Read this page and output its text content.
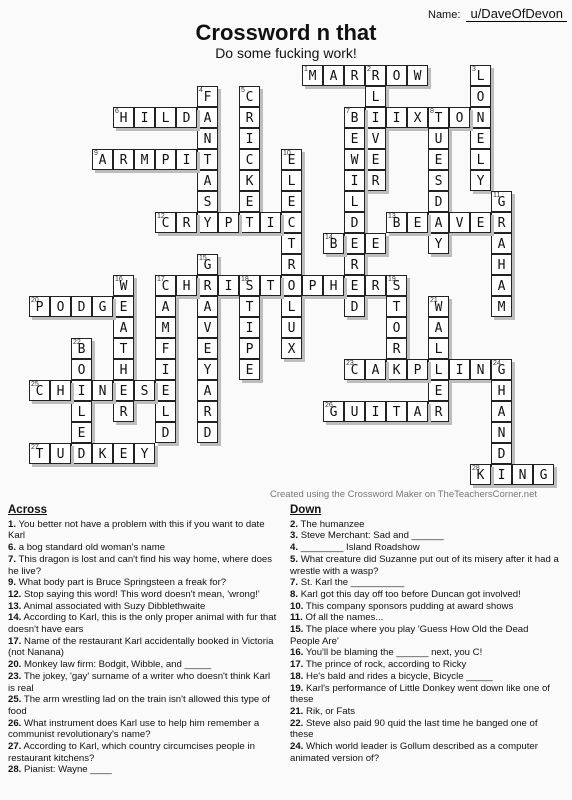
Name: u/DaveOfDevon
Crossword n that
Do some fucking work!
1 M	A	R	2 R	O	W
L
I
V
E
R
3 L
O
N
E
L
Y
4 F
A
N
T
A
S
Y
5 C
R
I
C
K
E
T
6 H	I	L	D	7 B	I	X	8 T	O
E
W
I
L
D
E
R
E
D
U
E
S
D
A
Y
9 A	R	M	P	I	10
E
L
E
C
T
R
O
L
U
X
11
G
R
A
H
A
M
12
C	R	P	I	13
B	E	V	E
14
B	E
15
G
R
A
V
E
Y
A
R
D
16
W
E
A
T
H
E
R
17
C	H	I	18
S	T	P	H	R	19
S
A
M
F
I
E
L
D
T
I
P
E
T
O
R
K
20
P	O	D	G	21
W
A
L
L
E
R
22
B
O
I
L
E
D
23
C	A	P	I	N	24
G
H
A
N
D
I
25
C	H	N	S
26
G	U	I	T	A
27
T	U	K	E	Y
28
K	N	G
Created using the Crossword Maker on TheTeachersCorner.net
Across
1. You better not have a problem with this if you want to date Karl
6. a bog standard old woman's name
7. This dragon is lost and can't find his way home, where does he live?
9. What body part is Bruce Springsteen a freak for?
12. Stop saying this word! This word doesn't mean, 'wrong!'
13. Animal associated with Suzy Dibblethwaite
14. According to Karl, this is the only proper animal with fur that doesn't have ears
17. Name of the restaurant Karl accidentally booked in Victoria (not Nanana)
20. Monkey law firm: Bodgit, Wibble, and _____
23. The jokey, 'gay' surname of a writer who doesn't think Karl is real
25. The arm wrestling lad on the train isn't allowed this type of food
26. What instrument does Karl use to help him remember a communist revolutionary's name?
27. According to Karl, which country circumcises people in restaurant kitchens?
28. Pianist: Wayne ____
Down
2. The humanzee
3. Steve Merchant: Sad and ______
4. ________ Island Roadshow
5. What creature did Suzanne put out of its misery after it had a wrestle with a wasp?
7. St. Karl the __________
8. Karl got this day off too before Duncan got involved!
10. This company sponsors pudding at award shows
11. Of all the names...
15. The place where you play 'Guess How Old the Dead People Are'
16. You'll be blaming the ______ next, you C!
17. The prince of rock, according to Ricky
18. He's bald and rides a bicycle, Bicycle _____
19. Karl's performance of Little Donkey went down like one of these
21. Rik, or Fats
22. Steve also paid 90 quid the last time he banged one of these
24. Which world leader is Gollum described as a computer animated version of?
